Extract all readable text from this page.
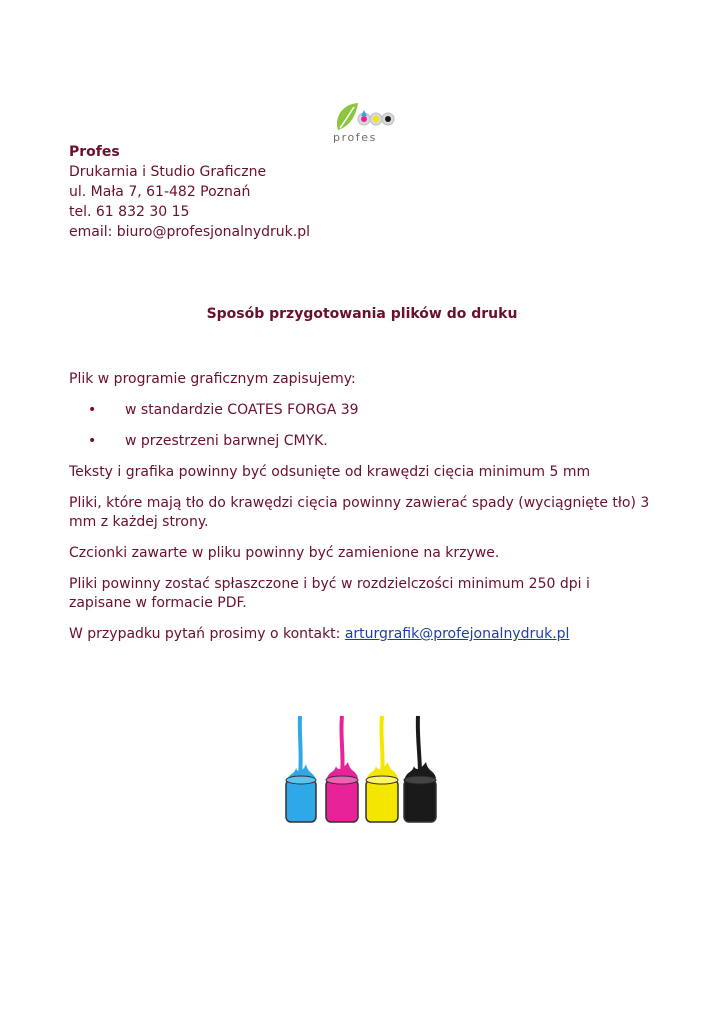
profes
Profes
Drukarnia i Studio Graficzne
ul. Mała 7, 61-482 Poznań
tel. 61 832 30 15
email: biuro@profesjonalnydruk.pl
Sposób przygotowania plików do druku

Plik w programie graficznym zapisujemy:

• w standardzie COATES FORGA 39
• w przestrzeni barwnej CMYK.

Teksty i grafika powinny być odsunięte od krawędzi cięcia minimum 5 mm

Pliki, które mają tło do krawędzi cięcia powinny zawierać spady (wyciągnięte tło) 3 mm z każdej strony.

Czcionki zawarte w pliku powinny być zamienione na krzywe.

Pliki powinny zostać spłaszczone i być w rozdzielczości minimum 250 dpi i zapisane w formacie PDF.

W przypadku pytań prosimy o kontakt: arturgrafik@profejonalnydruk.pl
